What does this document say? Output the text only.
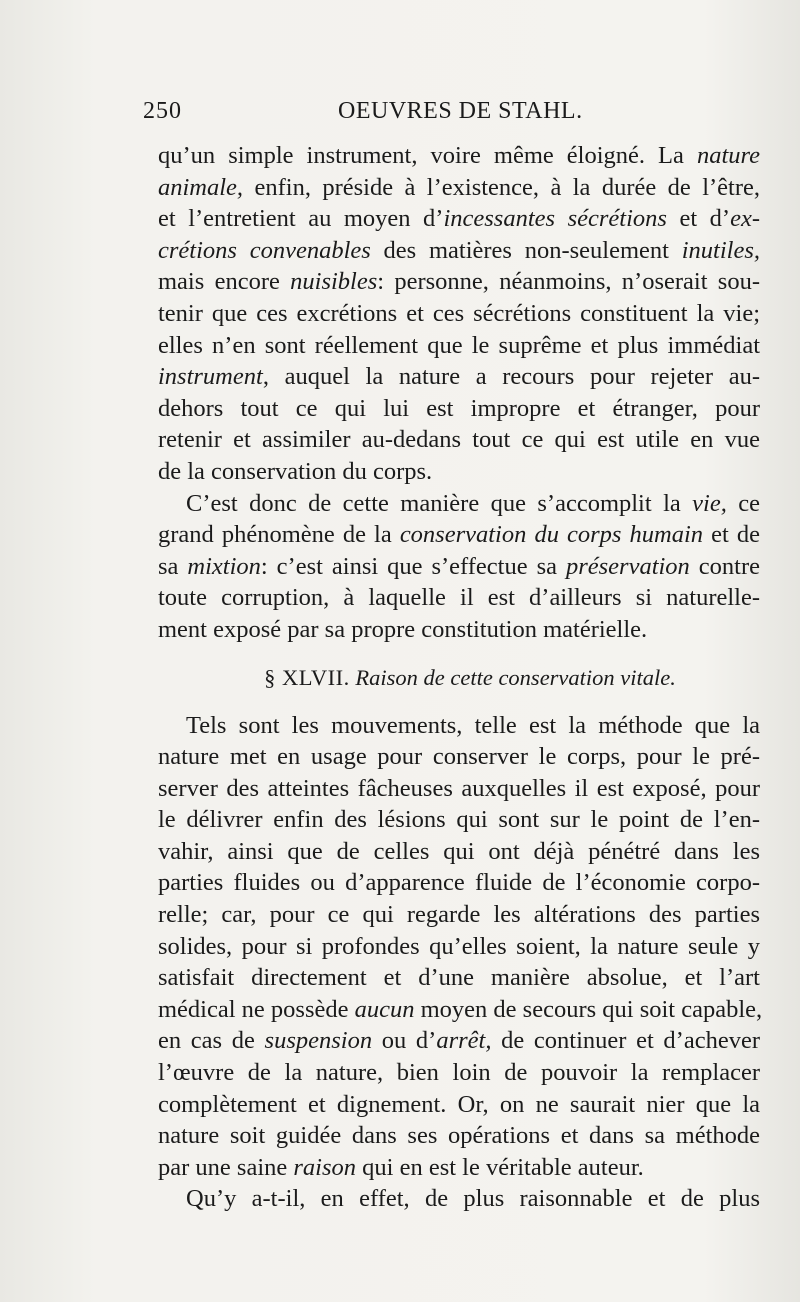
250	OEUVRES DE STAHL.
qu’un simple instrument, voire même éloigné. La nature
animale, enfin, préside à l’existence, à la durée de l’être,
et l’entretient au moyen d’incessantes sécrétions et d’ex-
crétions convenables des matières non-seulement inutiles,
mais encore nuisibles: personne, néanmoins, n’oserait sou-
tenir que ces excrétions et ces sécrétions constituent la vie;
elles n’en sont réellement que le suprême et plus immédiat
instrument, auquel la nature a recours pour rejeter au-
dehors tout ce qui lui est impropre et étranger, pour
retenir et assimiler au-dedans tout ce qui est utile en vue
de la conservation du corps.
C’est donc de cette manière que s’accomplit la vie, ce
grand phénomène de la conservation du corps humain et de
sa mixtion: c’est ainsi que s’effectue sa préservation contre
toute corruption, à laquelle il est d’ailleurs si naturelle-
ment exposé par sa propre constitution matérielle.
§ XLVII. Raison de cette conservation vitale.
Tels sont les mouvements, telle est la méthode que la
nature met en usage pour conserver le corps, pour le pré-
server des atteintes fâcheuses auxquelles il est exposé, pour
le délivrer enfin des lésions qui sont sur le point de l’en-
vahir, ainsi que de celles qui ont déjà pénétré dans les
parties fluides ou d’apparence fluide de l’économie corpo-
relle; car, pour ce qui regarde les altérations des parties
solides, pour si profondes qu’elles soient, la nature seule y
satisfait directement et d’une manière absolue, et l’art
médical ne possède aucun moyen de secours qui soit capable,
en cas de suspension ou d’arrêt, de continuer et d’achever
l’œuvre de la nature, bien loin de pouvoir la remplacer
complètement et dignement. Or, on ne saurait nier que la
nature soit guidée dans ses opérations et dans sa méthode
par une saine raison qui en est le véritable auteur.
Qu’y a-t-il, en effet, de plus raisonnable et de plus
